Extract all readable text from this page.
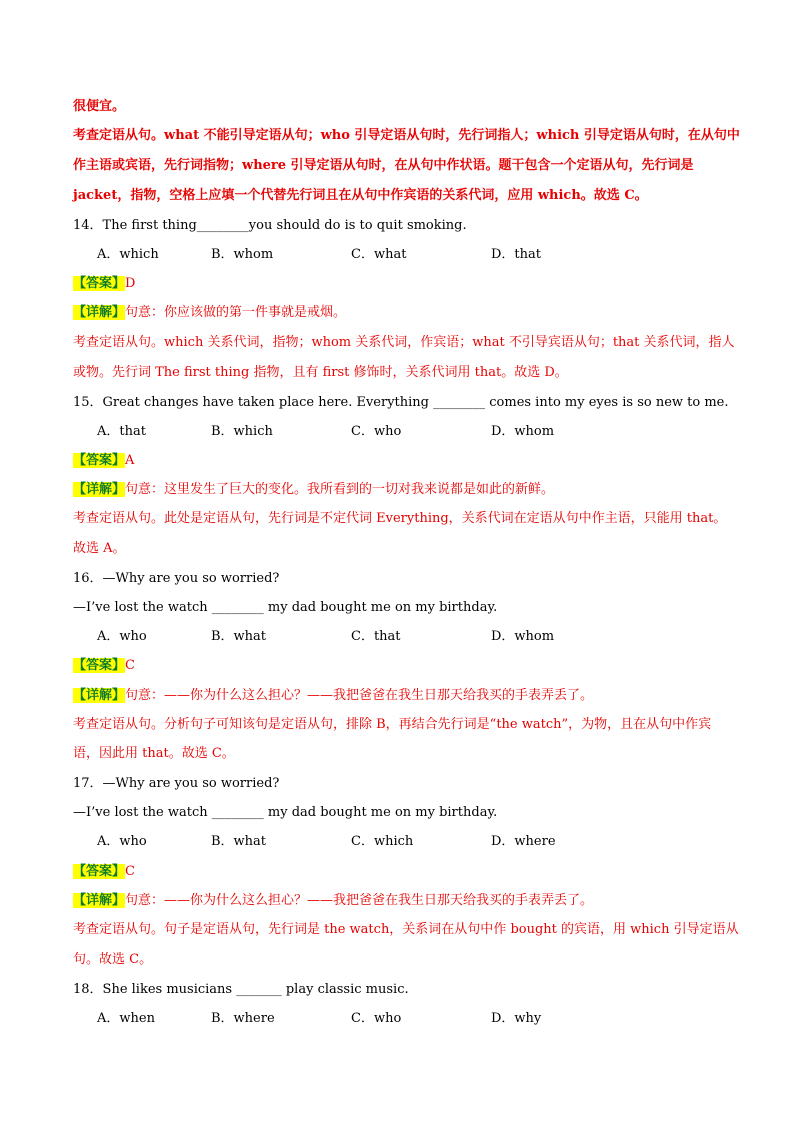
很便宜。
考查定语从句。what 不能引导定语从句；who 引导定语从句时，先行词指人；which 引导定语从句时，在从句中
作主语或宾语，先行词指物；where 引导定语从句时，在从句中作状语。题干包含一个定语从句，先行词是
jacket，指物，空格上应填一个代替先行词且在从句中作宾语的关系代词，应用 which。故选 C。
14．The first thing________you should do is to quit smoking.
A．which	B．whom	C．what	D．that
【答案】D
【详解】句意：你应该做的第一件事就是戒烟。
考查定语从句。which 关系代词，指物；whom 关系代词，作宾语；what 不引导宾语从句；that 关系代词，指人
或物。先行词 The first thing 指物，且有 first 修饰时，关系代词用 that。故选 D。
15．Great changes have taken place here. Everything ________ comes into my eyes is so new to me.
A．that	B．which	C．who	D．whom
【答案】A
【详解】句意：这里发生了巨大的变化。我所看到的一切对我来说都是如此的新鲜。
考查定语从句。此处是定语从句，先行词是不定代词 Everything，关系代词在定语从句中作主语，只能用 that。
故选 A。
16．—Why are you so worried?
—I’ve lost the watch ________ my dad bought me on my birthday.
A．who	B．what	C．that	D．whom
【答案】C
【详解】句意：——你为什么这么担心？——我把爸爸在我生日那天给我买的手表弄丢了。
考查定语从句。分析句子可知该句是定语从句，排除 B，再结合先行词是“the watch”，为物，且在从句中作宾
语，因此用 that。故选 C。
17．—Why are you so worried?
—I’ve lost the watch ________ my dad bought me on my birthday.
A．who	B．what	C．which	D．where
【答案】C
【详解】句意：——你为什么这么担心？——我把爸爸在我生日那天给我买的手表弄丢了。
考查定语从句。句子是定语从句，先行词是 the watch，关系词在从句中作 bought 的宾语，用 which 引导定语从
句。故选 C。
18．She likes musicians _______ play classic music.
A．when	B．where	C．who	D．why
